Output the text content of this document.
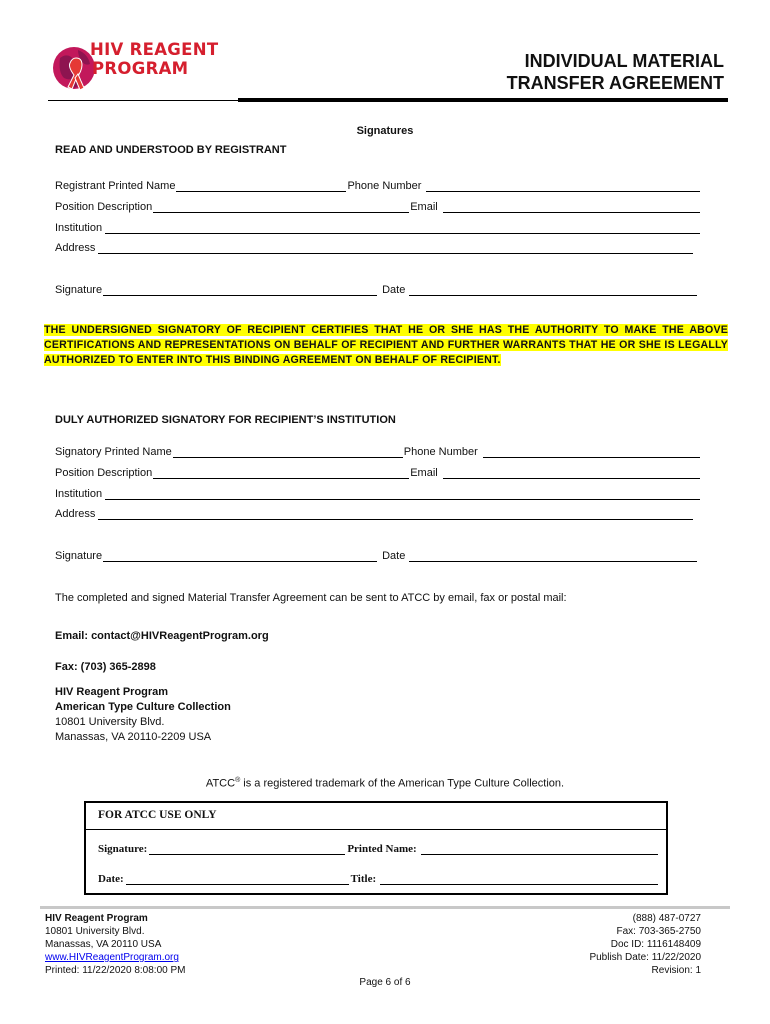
HIV REAGENT
PROGRAM	INDIVIDUAL MATERIAL
TRANSFER AGREEMENT
Signatures
READ AND UNDERSTOOD BY REGISTRANT
Registrant Printed Name	Phone Number
Position Description	Email
Institution
Address
Signature	Date
THE UNDERSIGNED SIGNATORY OF RECIPIENT CERTIFIES THAT HE OR SHE HAS THE AUTHORITY TO MAKE THE ABOVE CERTIFICATIONS AND REPRESENTATIONS ON BEHALF OF RECIPIENT AND FURTHER WARRANTS THAT HE OR SHE IS LEGALLY AUTHORIZED TO ENTER INTO THIS BINDING AGREEMENT ON BEHALF OF RECIPIENT.
DULY AUTHORIZED SIGNATORY FOR RECIPIENT’S INSTITUTION
Signatory Printed Name	Phone Number
Position Description	Email
Institution
Address
Signature	Date
The completed and signed Material Transfer Agreement can be sent to ATCC by email, fax or postal mail:
Email: contact@HIVReagentProgram.org
Fax: (703) 365-2898
HIV Reagent Program
American Type Culture Collection
10801 University Blvd.
Manassas, VA 20110-2209 USA
ATCC® is a registered trademark of the American Type Culture Collection.
FOR ATCC USE ONLY
Signature:	Printed Name:
Date:	Title:
HIV Reagent Program
10801 University Blvd.
Manassas, VA 20110 USA
www.HIVReagentProgram.org
Printed: 11/22/2020 8:08:00 PM
(888) 487-0727
Fax: 703-365-2750
Doc ID: 1116148409
Publish Date: 11/22/2020
Revision: 1
Page 6 of 6
